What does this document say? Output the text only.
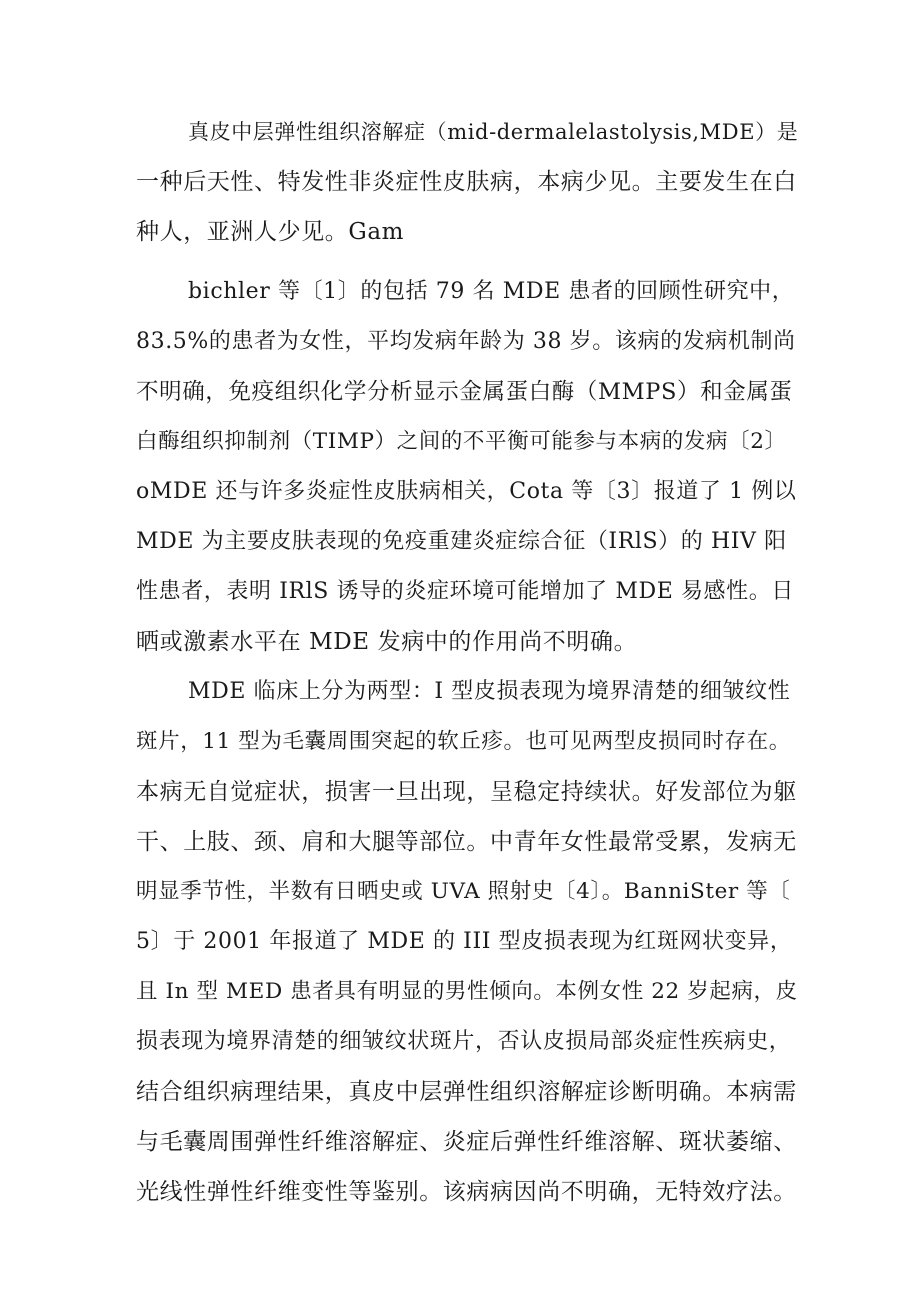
真皮中层弹性组织溶解症（mid-dermalelastolysis,MDE）是
一种后天性、特发性非炎症性皮肤病，本病少见。主要发生在白
种人，亚洲人少见。Gam
bichler 等〔1〕的包括 79 名 MDE 患者的回顾性研究中，
83.5%的患者为女性，平均发病年龄为 38 岁。该病的发病机制尚
不明确，免疫组织化学分析显示金属蛋白酶（MMPS）和金属蛋
白酶组织抑制剂（TIMP）之间的不平衡可能参与本病的发病〔2〕
oMDE 还与许多炎症性皮肤病相关，Cota 等〔3〕报道了 1 例以
MDE 为主要皮肤表现的免疫重建炎症综合征（IRlS）的 HIV 阳
性患者，表明 IRlS 诱导的炎症环境可能增加了 MDE 易感性。日
晒或激素水平在 MDE 发病中的作用尚不明确。
MDE 临床上分为两型：I 型皮损表现为境界清楚的细皱纹性
斑片，11 型为毛囊周围突起的软丘疹。也可见两型皮损同时存在。
本病无自觉症状，损害一旦出现，呈稳定持续状。好发部位为躯
干、上肢、颈、肩和大腿等部位。中青年女性最常受累，发病无
明显季节性，半数有日晒史或 UVA 照射史〔4〕。BanniSter 等〔
5〕于 2001 年报道了 MDE 的 III 型皮损表现为红斑网状变异，
且 In 型 MED 患者具有明显的男性倾向。本例女性 22 岁起病，皮
损表现为境界清楚的细皱纹状斑片，否认皮损局部炎症性疾病史，
结合组织病理结果，真皮中层弹性组织溶解症诊断明确。本病需
与毛囊周围弹性纤维溶解症、炎症后弹性纤维溶解、斑状萎缩、
光线性弹性纤维变性等鉴别。该病病因尚不明确，无特效疗法。
